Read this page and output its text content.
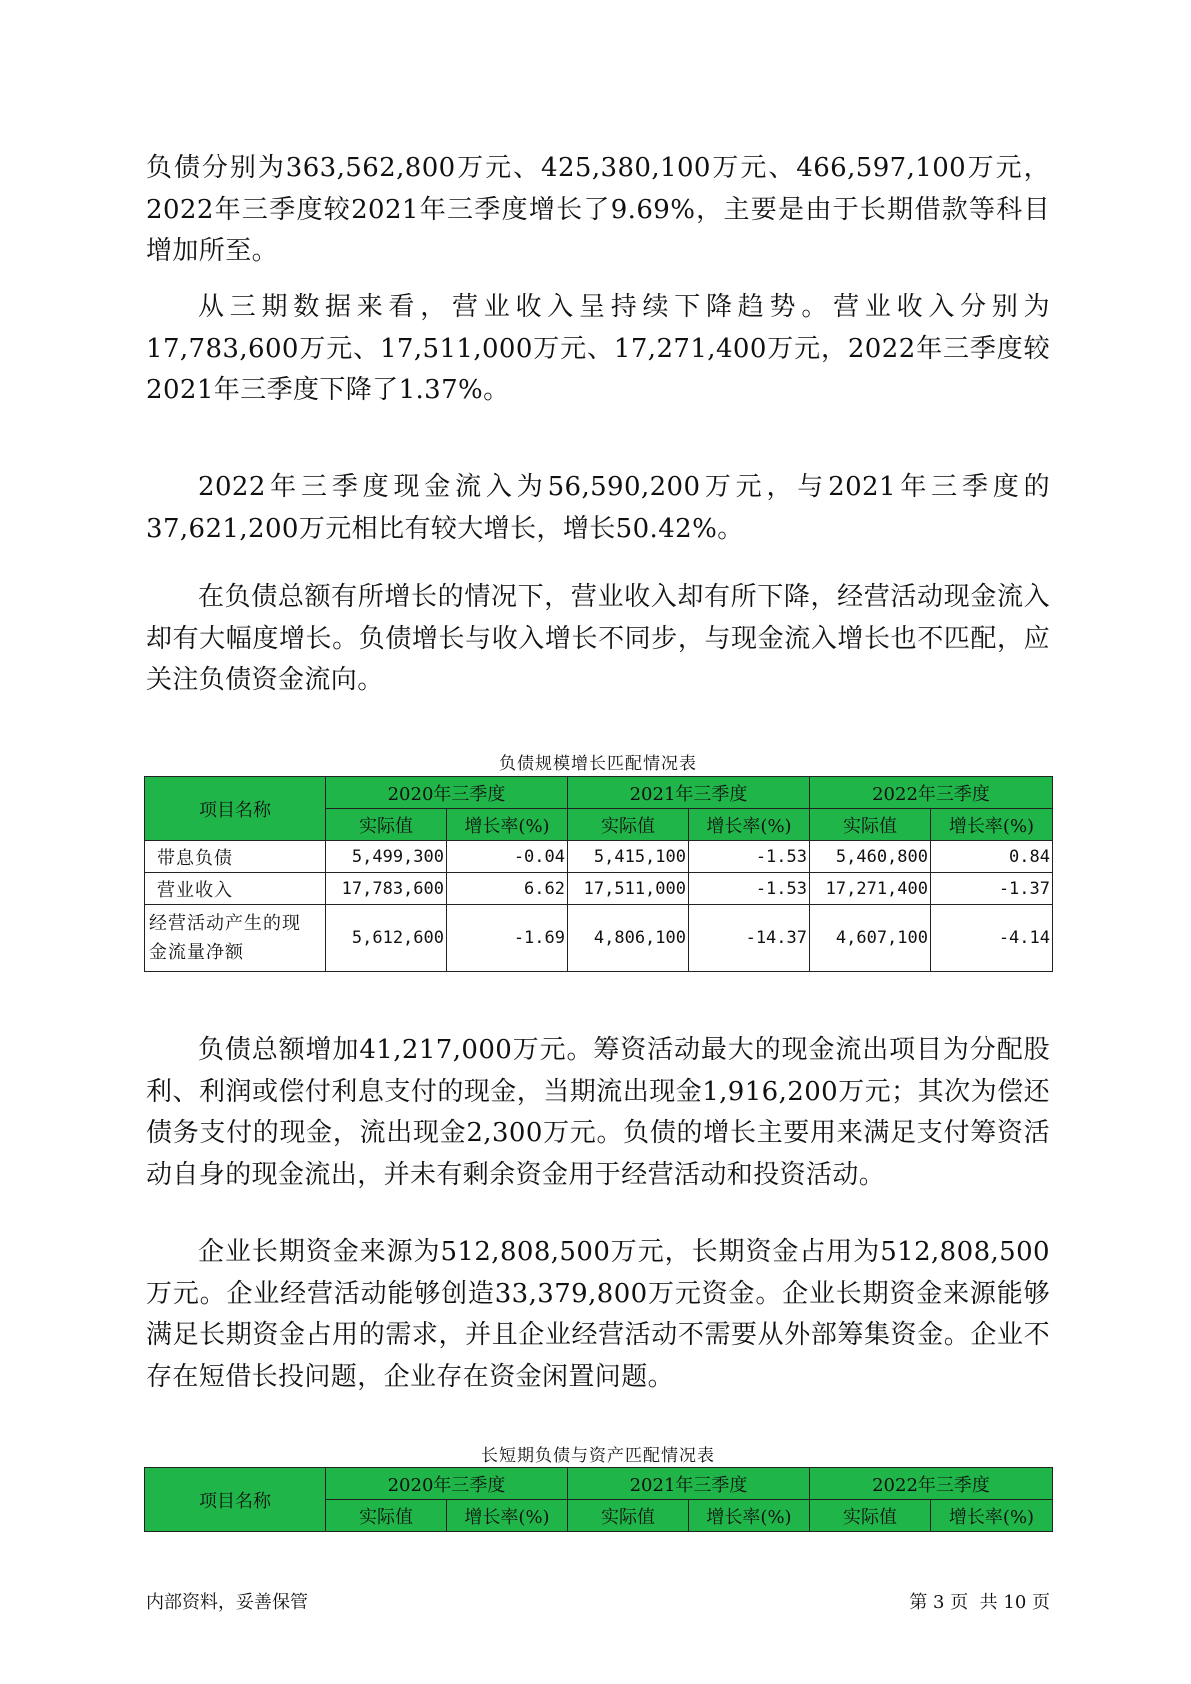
负债分别为363,562,800万元、425,380,100万元、466,597,100万元，2022年三季度较2021年三季度增长了9.69%，主要是由于长期借款等科目增加所至。

从三期数据来看，营业收入呈持续下降趋势。营业收入分别为17,783,600万元、17,511,000万元、17,271,400万元，2022年三季度较2021年三季度下降了1.37%。

2022年三季度现金流入为56,590,200万元，与2021年三季度的37,621,200万元相比有较大增长，增长50.42%。

在负债总额有所增长的情况下，营业收入却有所下降，经营活动现金流入却有大幅度增长。负债增长与收入增长不同步，与现金流入增长也不匹配，应关注负债资金流向。

负债规模增长匹配情况表
项目名称	2020年三季度		2021年三季度		2022年三季度	
	实际值	增长率(%)	实际值	增长率(%)	实际值	增长率(%)
带息负债	5,499,300	-0.04	5,415,100	-1.53	5,460,800	0.84
营业收入	17,783,600	6.62	17,511,000	-1.53	17,271,400	-1.37
经营活动产生的现金流量净额	5,612,600	-1.69	4,806,100	-14.37	4,607,100	-4.14

负债总额增加41,217,000万元。筹资活动最大的现金流出项目为分配股利、利润或偿付利息支付的现金，当期流出现金1,916,200万元；其次为偿还债务支付的现金，流出现金2,300万元。负债的增长主要用来满足支付筹资活动自身的现金流出，并未有剩余资金用于经营活动和投资活动。

企业长期资金来源为512,808,500万元，长期资金占用为512,808,500万元。企业经营活动能够创造33,379,800万元资金。企业长期资金来源能够满足长期资金占用的需求，并且企业经营活动不需要从外部筹集资金。企业不存在短借长投问题，企业存在资金闲置问题。

长短期负债与资产匹配情况表
项目名称	2020年三季度		2021年三季度		2022年三季度	
	实际值	增长率(%)	实际值	增长率(%)	实际值	增长率(%)
内部资料，妥善保管	第 3 页  共 10 页
